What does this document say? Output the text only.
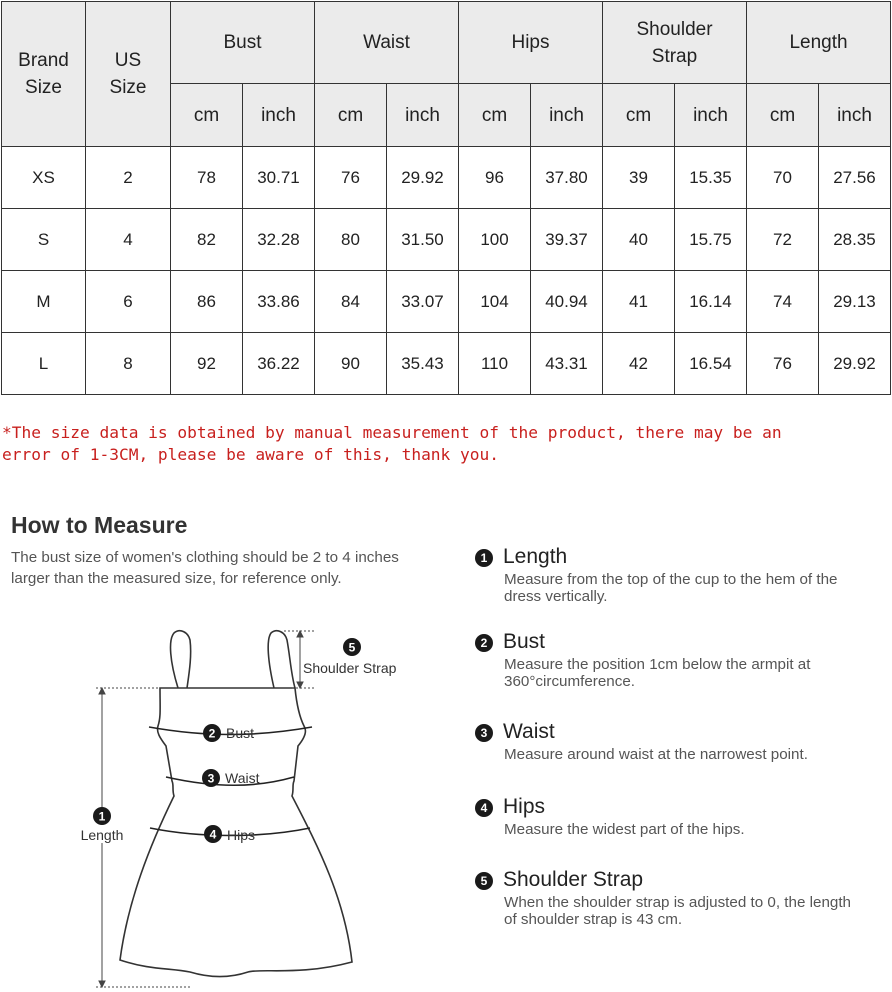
Brand Size	US Size	Bust		Waist		Hips		Shoulder Strap		Length	
		cm	inch	cm	inch	cm	inch	cm	inch	cm	inch
XS	2	78	30.71	76	29.92	96	37.80	39	15.35	70	27.56
S	4	82	32.28	80	31.50	100	39.37	40	15.75	72	28.35
M	6	86	33.86	84	33.07	104	40.94	41	16.14	74	29.13
L	8	92	36.22	90	35.43	110	43.31	42	16.54	76	29.92
*The size data is obtained by manual measurement of the product, there may be an
error of 1-3CM, please be aware of this, thank you.
How to Measure
The bust size of women's clothing should be 2 to 4 inches
larger than the measured size, for reference only.
1 Length
Measure from the top of the cup to the hem of the
dress vertically.
2 Bust
Measure the position 1cm below the armpit at
360°circumference.
3 Waist
Measure around waist at the narrowest point.
4 Hips
Measure the widest part of the hips.
5 Shoulder Strap
When the shoulder strap is adjusted to 0, the length
of shoulder strap is 43 cm.
5
Shoulder Strap
2 Bust
3 Waist
4 Hips
1
Length
